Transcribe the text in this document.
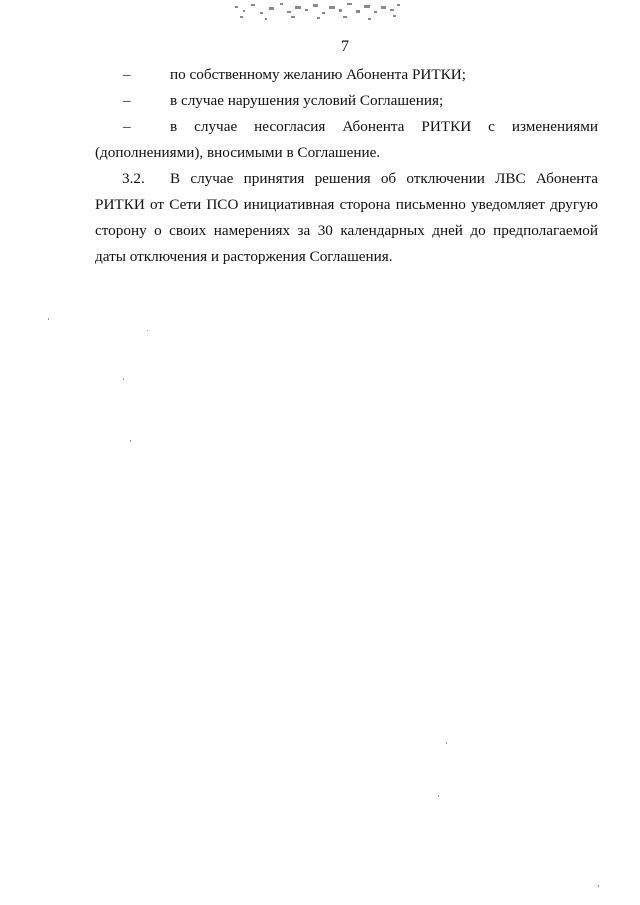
7
–	по собственному желанию Абонента РИТКИ;
–	в случае нарушения условий Соглашения;
–	в случае несогласия Абонента РИТКИ с изменениями
(дополнениями), вносимыми в Соглашение.
3.2.	В случае принятия решения об отключении ЛВС Абонента
РИТКИ от Сети ПСО инициативная сторона письменно уведомляет другую сторону о своих намерениях за 30 календарных дней до предполагаемой даты отключения и расторжения Соглашения.
